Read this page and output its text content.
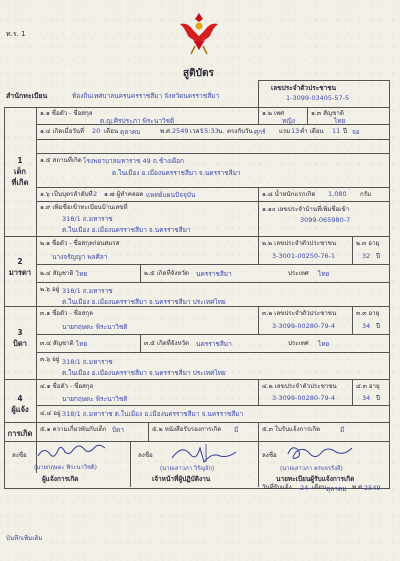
ท.ร. 1
สูติบัตร
สำนักทะเบียน	ท้องถิ่นเทศบาลนครนครราชสีมา จังหวัดนครราชสีมา
เลขประจำตัวประชาชน
1-3099-03405-57-5
1
เด็ก
ที่เกิด
2
มารดา
3
บิดา
4
ผู้แจ้ง
การเกิด
๑.๑ ชื่อตัว - ชื่อสกุล
ด.ญ.ศิรประภา พิระนาวิชติ
๑.๒ เพศ
หญิง
๑.๓ สัญชาติ
ไทย
๑.๔ เกิดเมื่อวันที่ 20 เดือน ตุลาคม	พ.ศ. 2549 เวลา
15:33 น. ตรงกับวัน ศุกร์ แรม 13 ค่ำ เดือน 11 ปี จอ
๑.๕ สถานที่เกิด โรงพยาบาลมหาราช 49 ถ.ช้างเผือก
ต.ในเมือง อ.เมืองนครราชสีมา จ.นครราชสีมา
๑.๖ เป็นบุตรลำดับที่ 2 ๑.๗ ผู้ทำคลอด แพทย์แผนปัจจุบัน	๑.๘ น้ำหนักแรกเกิด 1,080 กรัม
๑.๙ เพิ่มชื่อเข้าทะเบียนบ้านเลขที่
318/1 ถ.มหาราช
ต.ในเมือง อ.เมืองนครราชสีมา จ.นครราชสีมา
๑.๑๐ เลขประจำบ้านที่เพิ่มชื่อเข้า
3099-065980-7
๒.๑ ชื่อตัว - ชื่อสกุลก่อนสมรส
นางจรัญญา พลศิลา
๒.๒ เลขประจำตัวประชาชน
3-3001-00250-76-1
๒.๓ อายุ
32 ปี
๒.๔ สัญชาติ ไทย	๒.๕ เกิดที่จังหวัด นครราชสีมา	ประเทศ ไทย
๒.๖ อยู่ 318/1 ถ.มหาราช
ต.ในเมือง อ.เมืองนครราชสีมา จ.นครราชสีมา ประเทศไทย
๓.๑ ชื่อตัว - ชื่อสกุล
นายกฤษดะ พิระนาวิชติ
๓.๒ เลขประจำตัวประชาชน
3-3099-00280-79-4
๓.๓ อายุ
34 ปี
๓.๔ สัญชาติ ไทย	๓.๕ เกิดที่จังหวัด นครราชสีมา	ประเทศ ไทย
๓.๖ อยู่ 318/1 ถ.มหาราช
ต.ในเมือง อ.เมืองนครราชสีมา จ.นครราชสีมา ประเทศไทย
๔.๑ ชื่อตัว - ชื่อสกุล
นายกฤษดะ พิระนาวิชติ
๔.๒ เลขประจำตัวประชาชน
3-3099-00280-79-4
๔.๓ อายุ
34 ปี
๔.๔ อยู่ 318/1 ถ.มหาราช ต.ในเมือง อ.เมืองนครราชสีมา จ.นครราชสีมา
๕.๑ ความเกี่ยวพันกับเด็ก บิดา	๕.๒ หนังสือรับรองการเกิด มี	๕.๓ ใบรับแจ้งการเกิด	มี
ลงชื่อ
(นายกฤษดะ พิระนาวิชติ)
ผู้แจ้งการเกิด
ลงชื่อ
(นายเสาวภา วิรัญจัก)
เจ้าหน้าที่ผู้ปฏิบัติงาน
ลงชื่อ
(นายเสาวภา ครบจรรังสิ)
นายทะเบียนผู้รับแจ้งการเกิด
วันที่รับแจ้ง 24 เดือน ตุลาคม พ.ศ. 2549
บันทึกเพิ่มเติม
